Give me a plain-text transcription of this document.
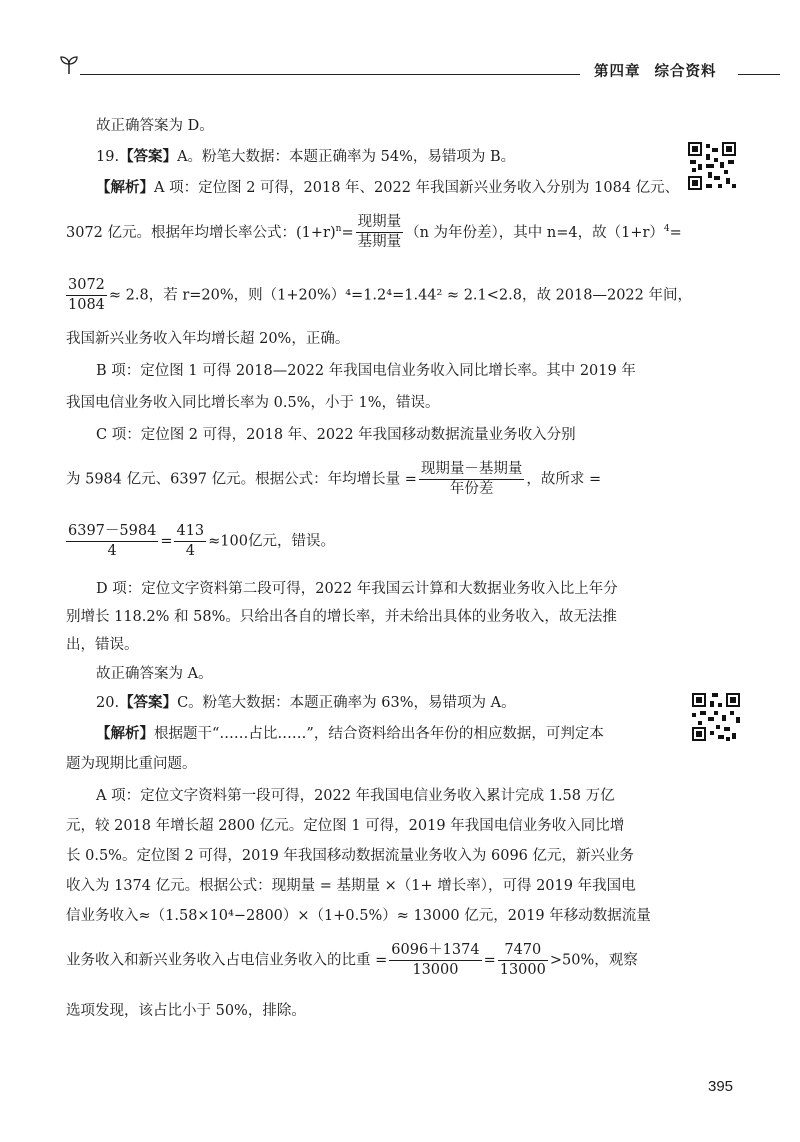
第四章 综合资料
故正确答案为 D。
19.【答案】A。粉笔大数据：本题正确率为 54%，易错项为 B。
【解析】A 项：定位图 2 可得，2018 年、2022 年我国新兴业务收入分别为 1084 亿元、
3072 亿元。根据年均增长率公式：$(1+r)^n= \frac{\text{现期量}}{\text{基期量}} (n$ 为年份差），其中 n=4，故$(1+r)^4=$
$\frac{3072}{1084} \approx 2.8$，若 r=20%，则（1+20%）⁴=1.2⁴=1.44² ≈ 2.1<2.8，故 2018—2022 年间，
我国新兴业务收入年均增长超 20%，正确。
B 项：定位图 1 可得 2018—2022 年我国电信业务收入同比增长率。其中 2019 年
我国电信业务收入同比增长率为 0.5%，小于 1%，错误。
C 项：定位图 2 可得，2018 年、2022 年我国移动数据流量业务收入分别
为 5984 亿元、6397 亿元。根据公式：年均增长量 = $\frac{\text{现期量－基期量}}{\text{年份差}}$ ，故所求 =
$\frac{6397-5984}{4} = \frac{413}{4} \approx 100$亿元，错误。
D 项：定位文字资料第二段可得，2022 年我国云计算和大数据业务收入比上年分
别增长 118.2% 和 58%。只给出各自的增长率，并未给出具体的业务收入，故无法推
出，错误。
故正确答案为 A。
20.【答案】C。粉笔大数据：本题正确率为 63%，易错项为 A。
【解析】根据题干“……占比……”，结合资料给出各年份的相应数据，可判定本
题为现期比重问题。
A 项：定位文字资料第一段可得，2022 年我国电信业务收入累计完成 1.58 万亿
元，较 2018 年增长超 2800 亿元。定位图 1 可得，2019 年我国电信业务收入同比增
长 0.5%。定位图 2 可得，2019 年我国移动数据流量业务收入为 6096 亿元，新兴业务
收入为 1374 亿元。根据公式：现期量 = 基期量 ×（1+ 增长率），可得 2019 年我国电
信业务收入≈（1.58×10⁴−2800）×（1+0.5%）≈ 13000 亿元，2019 年移动数据流量
业务收入和新兴业务收入占电信业务收入的比重 = $\frac{6096+1374}{13000} = \frac{7470}{13000} >50\%$，观察
选项发现，该占比小于 50%，排除。
395
